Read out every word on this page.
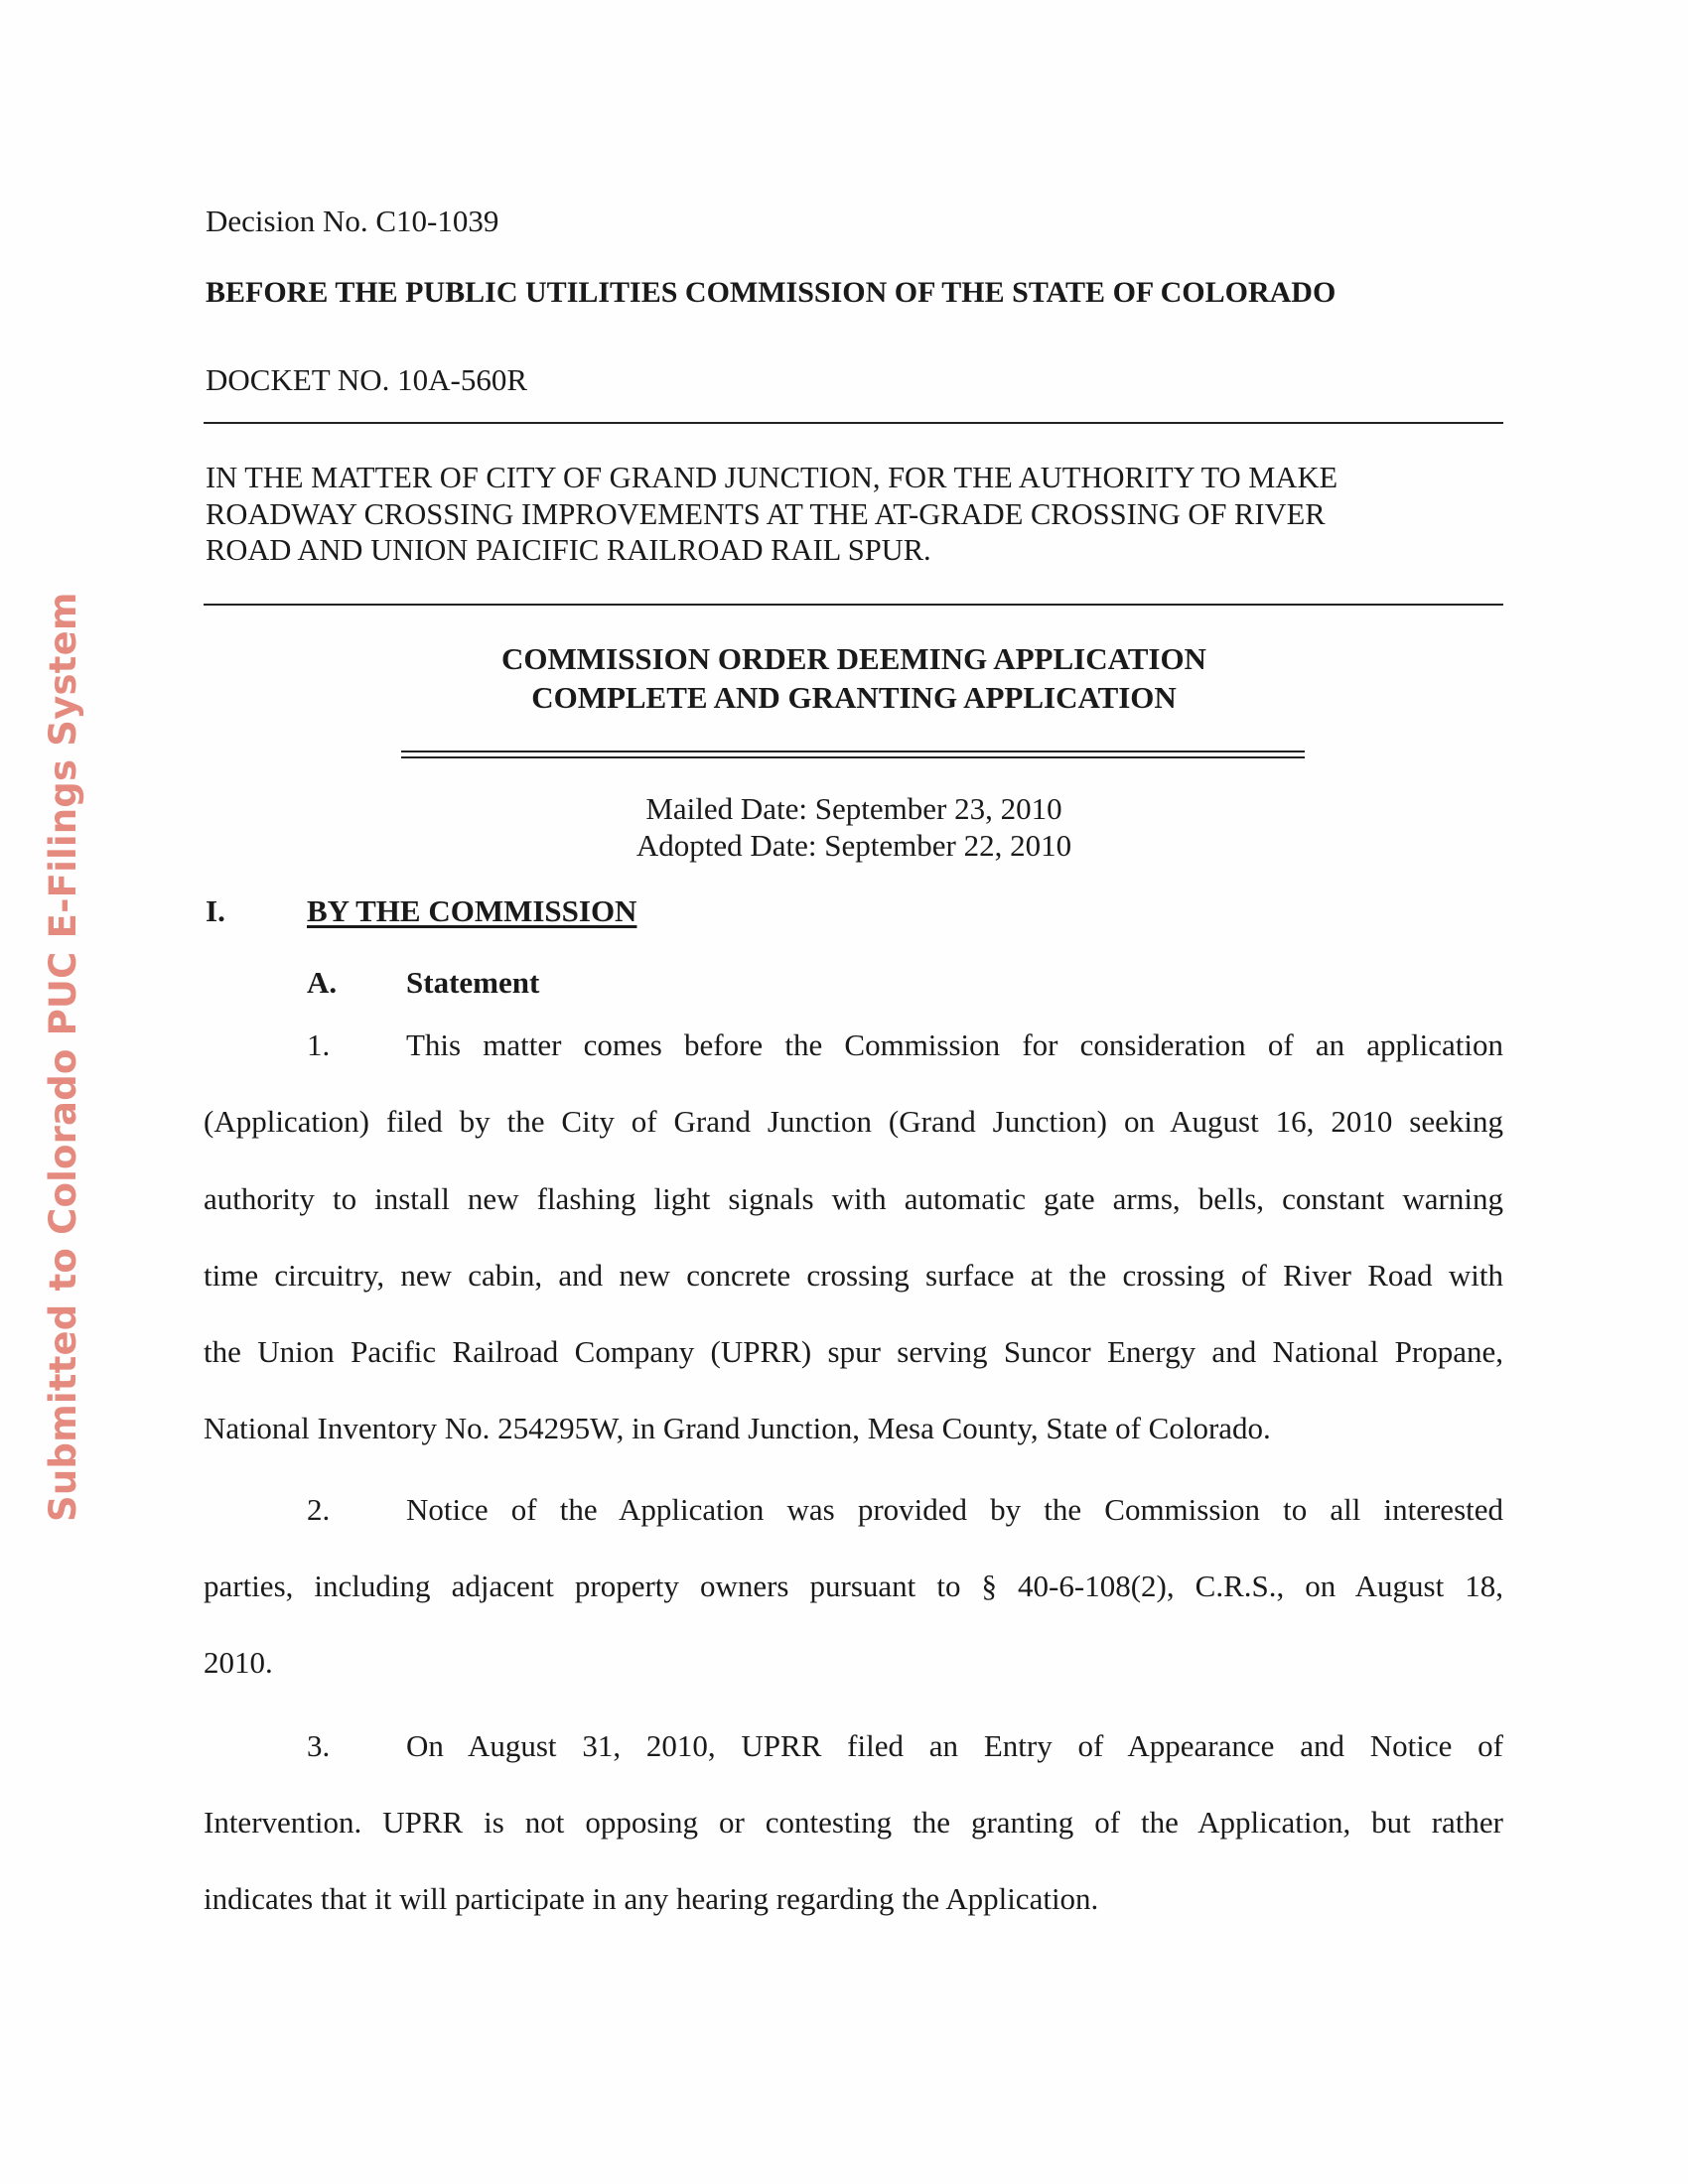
Submitted to Colorado PUC E-Filings System
Decision No. C10-1039
BEFORE THE PUBLIC UTILITIES COMMISSION OF THE STATE OF COLORADO
DOCKET NO. 10A-560R
IN THE MATTER OF CITY OF GRAND JUNCTION, FOR THE AUTHORITY TO MAKE
ROADWAY CROSSING IMPROVEMENTS AT THE AT-GRADE CROSSING OF RIVER
ROAD AND UNION PAICIFIC RAILROAD RAIL SPUR.
COMMISSION ORDER DEEMING APPLICATION
COMPLETE AND GRANTING APPLICATION
Mailed Date: September 23, 2010
Adopted Date: September 22, 2010
I.	BY THE COMMISSION
A. Statement
1. This matter comes before the Commission for consideration of an application
(Application) filed by the City of Grand Junction (Grand Junction) on August 16, 2010 seeking
authority to install new flashing light signals with automatic gate arms, bells, constant warning
time circuitry, new cabin, and new concrete crossing surface at the crossing of River Road with
the Union Pacific Railroad Company (UPRR) spur serving Suncor Energy and National Propane,
National Inventory No. 254295W, in Grand Junction, Mesa County, State of Colorado.
2. Notice of the Application was provided by the Commission to all interested
parties, including adjacent property owners pursuant to § 40-6-108(2), C.R.S., on August 18,
2010.
3. On August 31, 2010, UPRR filed an Entry of Appearance and Notice of
Intervention. UPRR is not opposing or contesting the granting of the Application, but rather
indicates that it will participate in any hearing regarding the Application.
